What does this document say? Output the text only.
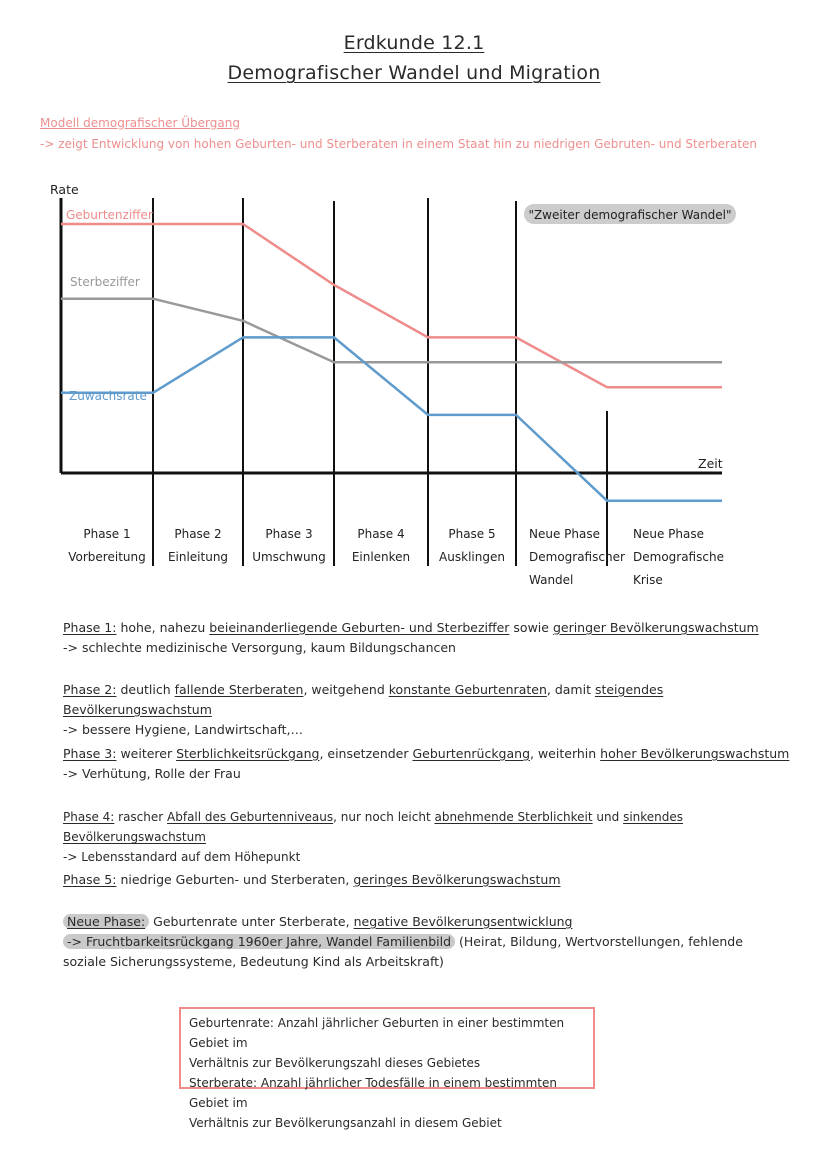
Erdkunde 12.1
Demografischer Wandel und Migration
Modell demografischer Übergang
-> zeigt Entwicklung von hohen Geburten- und Sterberaten in einem Staat hin zu niedrigen Gebruten- und Sterberaten
Rate
Zeit
"Zweiter demografischer Wandel"
Geburtenziffer
Sterbeziffer
Zuwachsrate
Phase 1
Vorbereitung
Phase 2
Einleitung
Phase 3
Umschwung
Phase 4
Einlenken
Phase 5
Ausklingen
Neue Phase
Demografischer
Wandel
Neue Phase
Demografische
Krise
Phase 1: hohe, nahezu beieinanderliegende Geburten- und Sterbeziffer sowie geringer Bevölkerungswachstum
-> schlechte medizinische Versorgung, kaum Bildungschancen
Phase 2: deutlich fallende Sterberaten, weitgehend konstante Geburtenraten, damit steigendes Bevölkerungswachstum
-> bessere Hygiene, Landwirtschaft,…
Phase 3: weiterer Sterblichkeitsrückgang, einsetzender Geburtenrückgang, weiterhin hoher Bevölkerungswachstum
-> Verhütung, Rolle der Frau
Phase 4: rascher Abfall des Geburtenniveaus, nur noch leicht abnehmende Sterblichkeit und sinkendes Bevölkerungswachstum
-> Lebensstandard auf dem Höhepunkt
Phase 5: niedrige Geburten- und Sterberaten, geringes Bevölkerungswachstum
Neue Phase: Geburtenrate unter Sterberate, negative Bevölkerungsentwicklung
-> Fruchtbarkeitsrückgang 1960er Jahre, Wandel Familienbild (Heirat, Bildung, Wertvorstellungen, fehlende soziale Sicherungssysteme, Bedeutung Kind als Arbeitskraft)
Geburtenrate: Anzahl jährlicher Geburten in einer bestimmten Gebiet im
Verhältnis zur Bevölkerungszahl dieses Gebietes
Sterberate: Anzahl jährlicher Todesfälle in einem bestimmten Gebiet im
Verhältnis zur Bevölkerungsanzahl in diesem Gebiet
